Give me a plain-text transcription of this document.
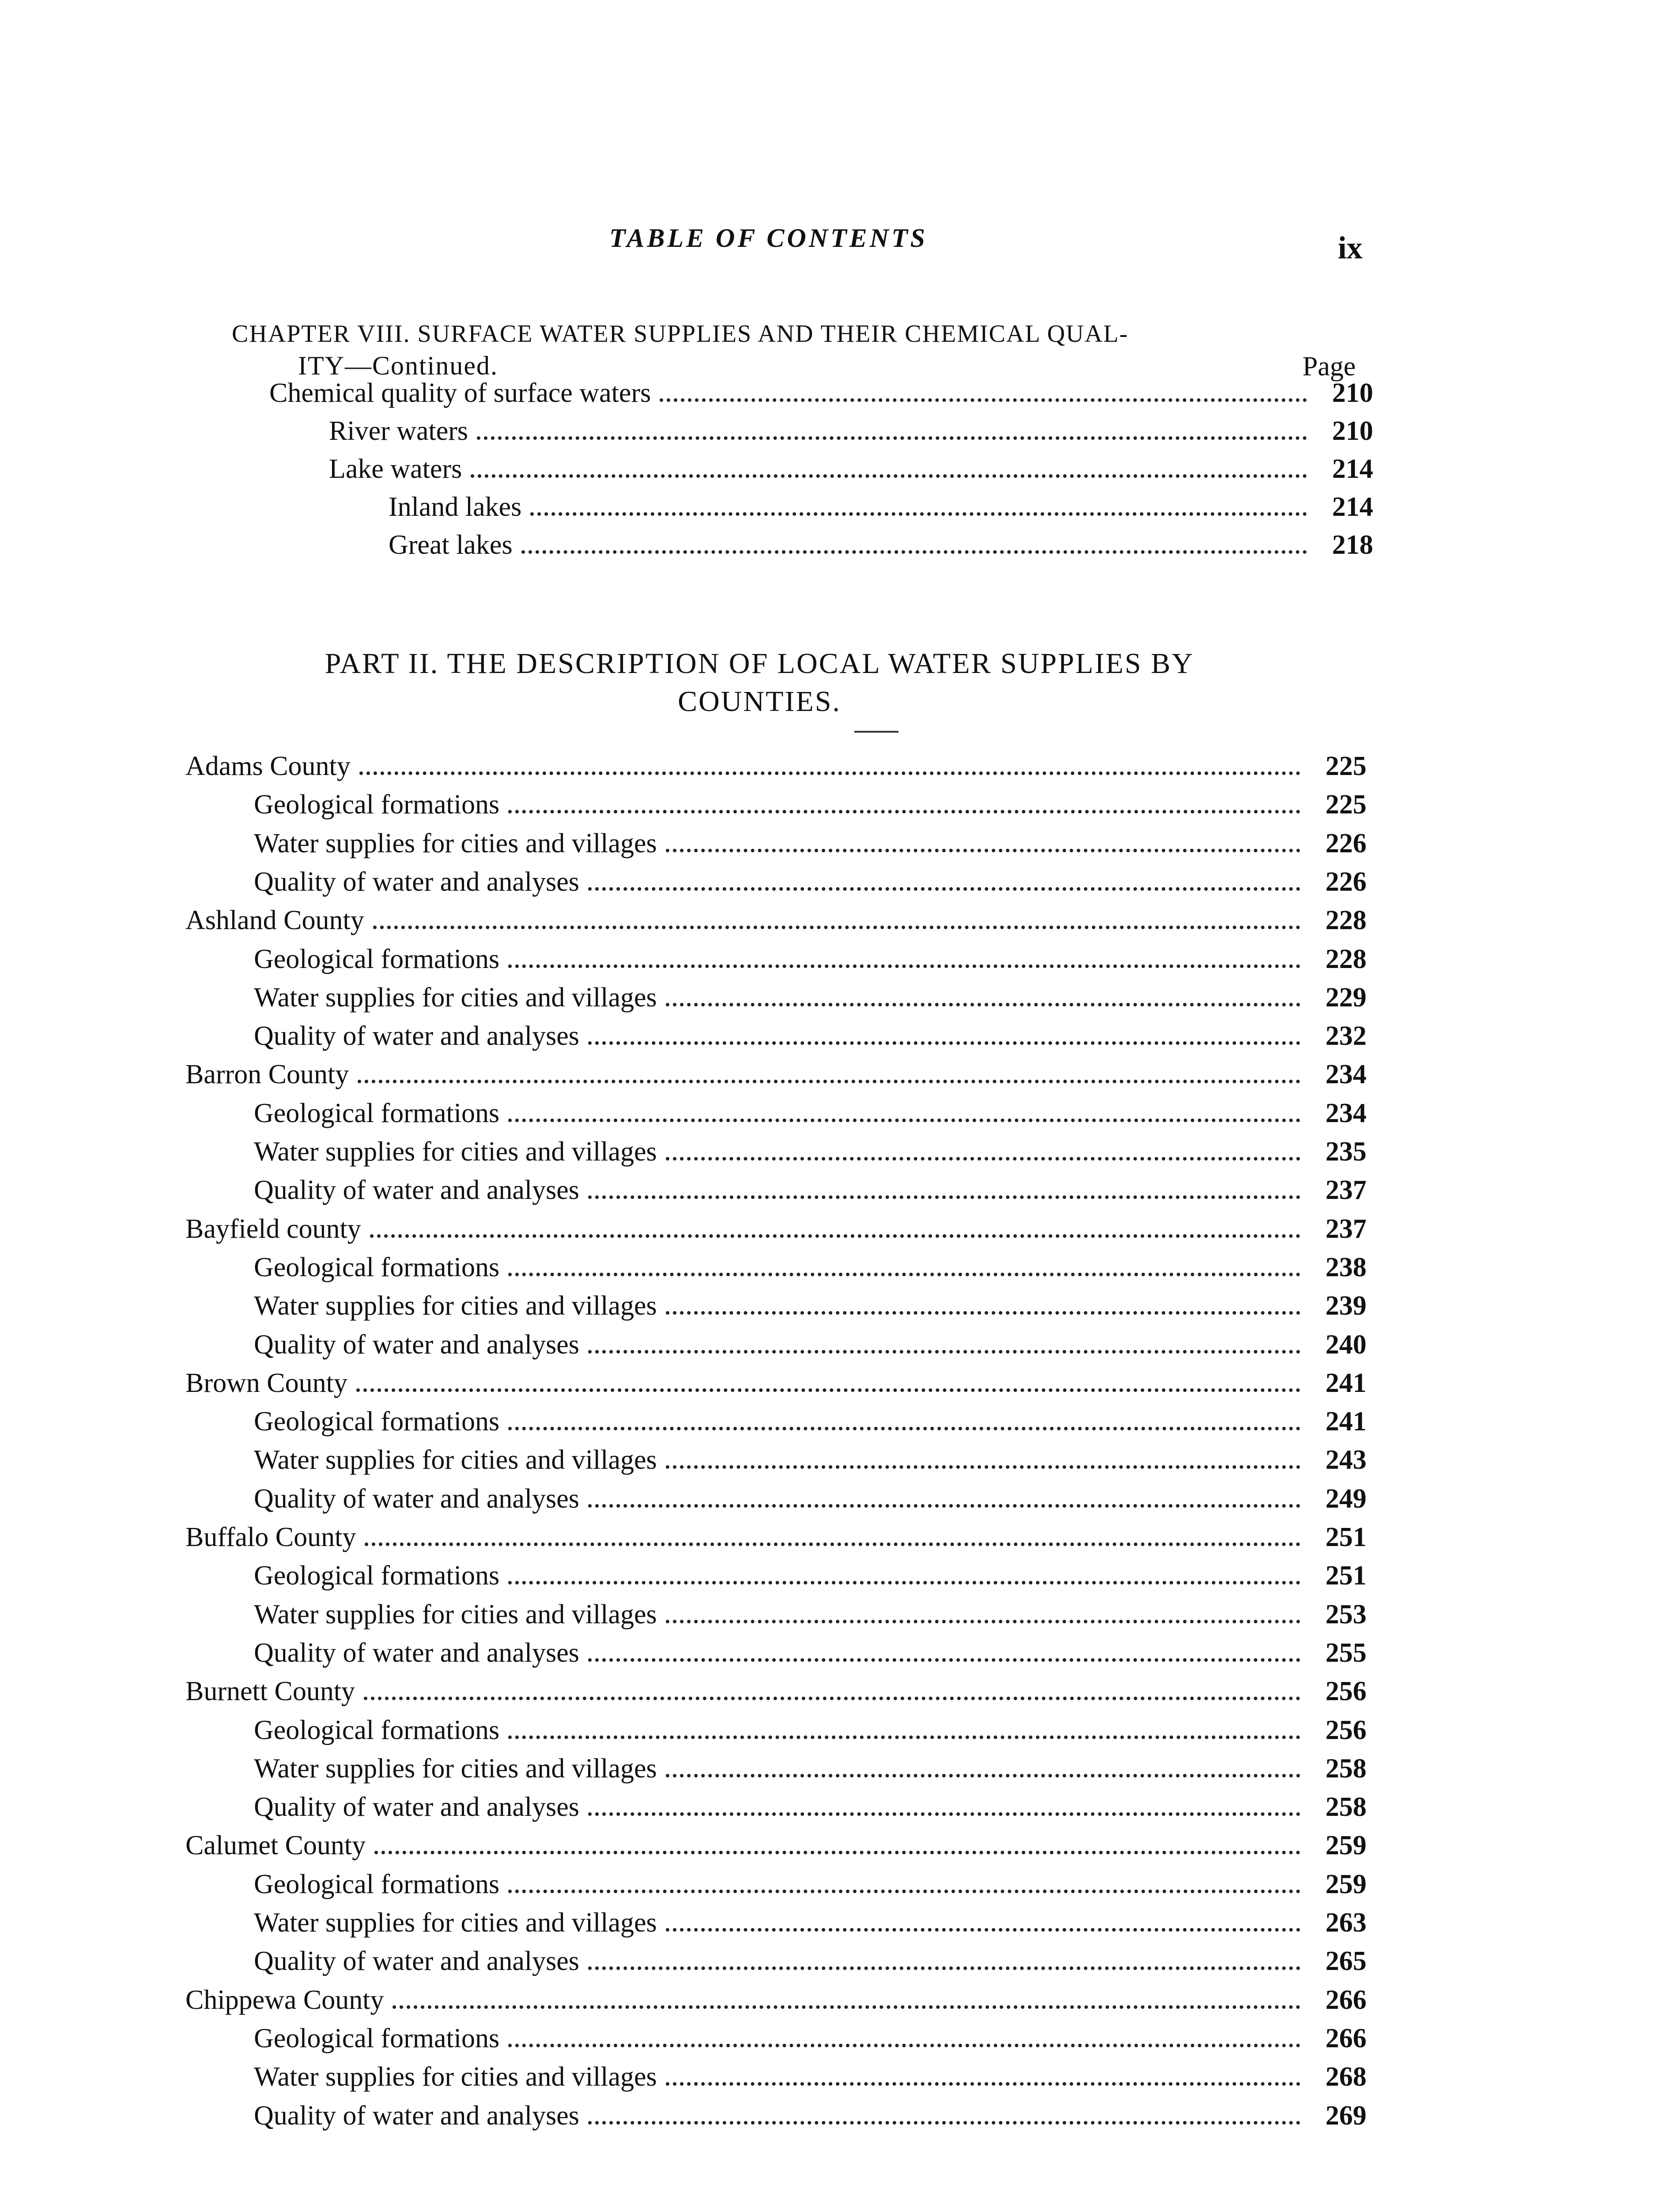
TABLE OF CONTENTS	ix
CHAPTER VIII. SURFACE WATER SUPPLIES AND THEIR CHEMICAL QUAL-
ITY—Continued.	Page
PART II. THE DESCRIPTION OF LOCAL WATER SUPPLIES BY
COUNTIES.
Chemical quality of surface waters	210
River waters	210
Lake waters	214
Inland lakes	214
Great lakes	218
Adams County	225
Geological formations	225
Water supplies for cities and villages	226
Quality of water and analyses	226
Ashland County	228
Geological formations	228
Water supplies for cities and villages	229
Quality of water and analyses	232
Barron County	234
Geological formations	234
Water supplies for cities and villages	235
Quality of water and analyses	237
Bayfield county	237
Geological formations	238
Water supplies for cities and villages	239
Quality of water and analyses	240
Brown County	241
Geological formations	241
Water supplies for cities and villages	243
Quality of water and analyses	249
Buffalo County	251
Geological formations	251
Water supplies for cities and villages	253
Quality of water and analyses	255
Burnett County	256
Geological formations	256
Water supplies for cities and villages	258
Quality of water and analyses	258
Calumet County	259
Geological formations	259
Water supplies for cities and villages	263
Quality of water and analyses	265
Chippewa County	266
Geological formations	266
Water supplies for cities and villages	268
Quality of water and analyses	269
